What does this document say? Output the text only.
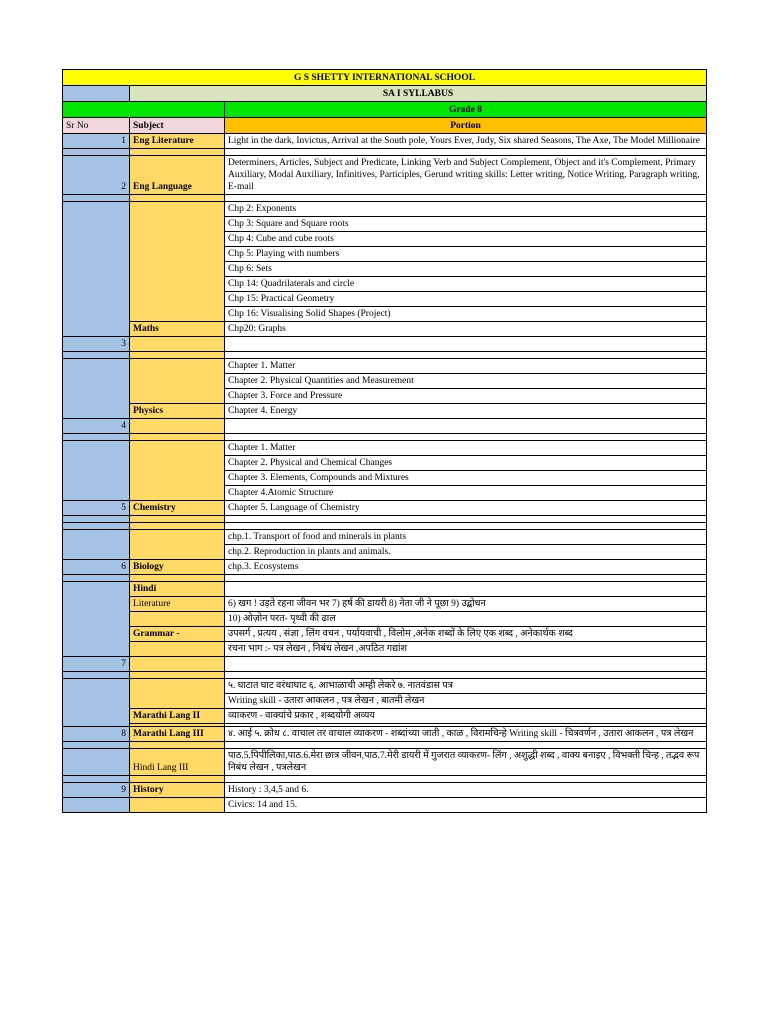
G S SHETTY INTERNATIONAL SCHOOL		
	SA I SYLLABUS	
		Grade 8
Sr No	Subject	Portion
1	Eng Literature	Light in the dark, Invictus, Arrival at the South pole, Yours Ever, Judy, Six shared Seasons, The Axe, The Model Millionaire

2	Eng Language	Determiners, Articles, Subject and Predicate, Linking Verb and Subject Complement, Object and it's Complement, Primary Auxiliary, Modal Auxiliary, Infinitives, Participles, Gerund writing skills: Letter writing, Notice Writing, Paragraph writing, E-mail

		Chp 2: Exponents
		Chp 3: Square and Square roots
		Chp 4: Cube and cube roots
		Chp 5: Playing with numbers
		Chp 6: Sets
		Chp 14: Quadrilaterals and circle
		Chp 15: Practical Geometry
		Chp 16: Visualising Solid Shapes (Project)
	Maths	Chp20: Graphs
3		

		Chapter 1. Matter
		Chapter 2. Physical Quantities and Measurement
		Chapter 3. Force and Pressure
	Physics	Chapter 4. Energy
4		

		Chapter 1. Matter
		Chapter 2. Physical and Chemical Changes
		Chapter 3. Elements, Compounds and Mixtures
		Chapter 4.Atomic Structure
5	Chemistry	Chapter 5. Language of Chemistry

		chp.1. Transport of food and minerals in plants
		chp.2. Reproduction in plants and animals.
6	Biology	chp.3. Ecosystems

	Hindi	
	Literature	6) खग ! उड़ते रहना जीवन भर 7) हर्ष की डायरी 8) नेता जी ने पूछा 9) उद्बोधन
		10) ओज़ोन परत- पृथ्वी की ढाल
	Grammar -	उपसर्ग , प्रत्यय , संज्ञा , लिंग वचन , पर्यायवाची , विलोम ,अनेक शब्दों के लिए एक शब्द , अनेकार्थक शब्द
		रचना भाग :- पत्र लेखन , निबंध लेखन ,अपठित गद्यांश
7		

		५. घाटात घाट वरंधाघाट ६. आभाळाची अम्ही लेकरे ७. नातवंडास पत्र
		Writing skill - उतारा आकलन , पत्र लेखन , बातमी लेखन
	Marathi Lang II	व्याकरण - वाक्यांचे प्रकार , शब्दयोगी अव्यय

8	Marathi Lang III	४. आई ५. क्रोध ८. वाचाल तर वाचाल व्याकरण - शब्दांच्या जाती , काळ , विरामचिन्हे Writing skill - चित्रवर्णन , उतारा आकलन , पत्र लेखन

	Hindi Lang III	पाठ.5.पिपीलिका,पाठ.6.मेरा छात्र जीवन,पाठ.7.मेरी डायरी में गुजरात व्याकरण- लिंग , अशुद्धी शब्द , वाक्य बनाइए , विभक्ती चिन्ह , तद्भव रूप निबंध लेखन , पत्रलेखन

9	History	History : 3,4,5 and 6.
		Civics: 14 and 15.
